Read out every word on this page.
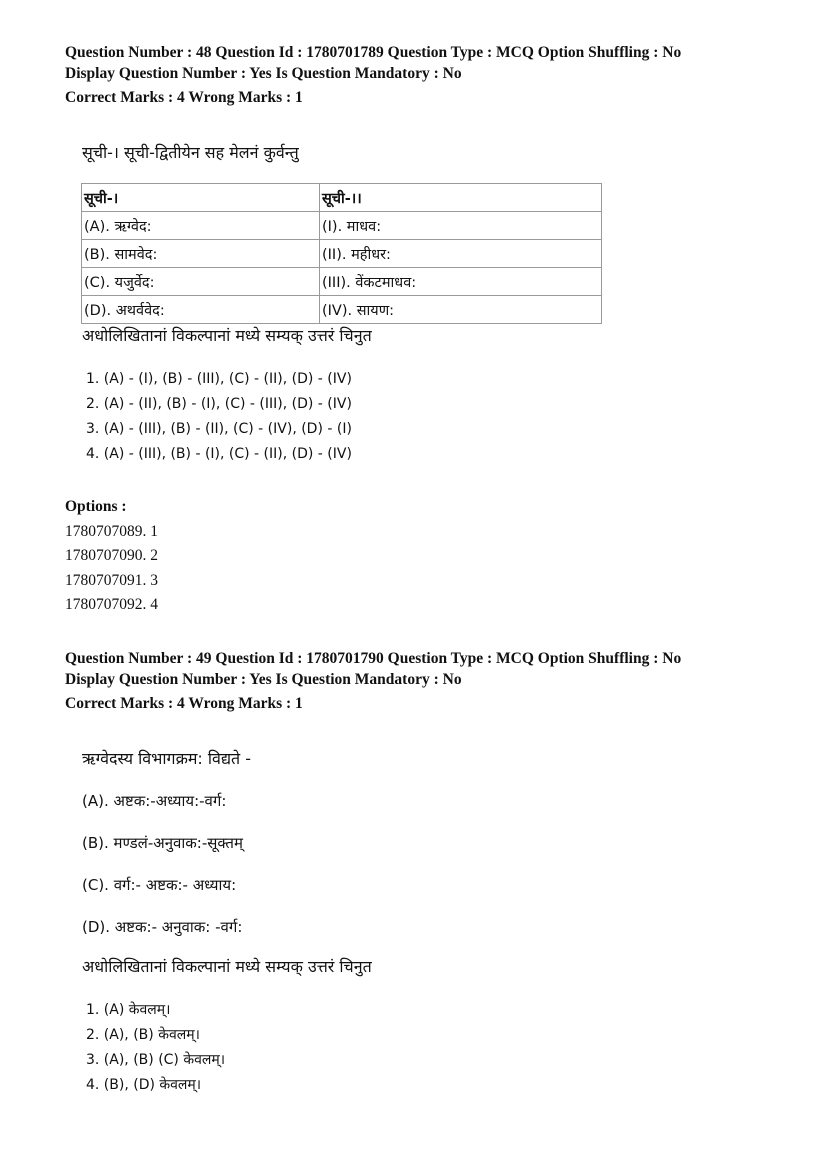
Question Number : 48 Question Id : 1780701789 Question Type : MCQ Option Shuffling : No
Display Question Number : Yes Is Question Mandatory : No
Correct Marks : 4 Wrong Marks : 1
सूची-। सूची-द्वितीयेन सह मेलनं कुर्वन्तु
सूची-।	सूची-।।
(A). ऋग्वेद:	(I). माधव:
(B). सामवेद:	(II). महीधर:
(C). यजुर्वेद:	(III). वेंकटमाधव:
(D). अथर्ववेद:	(IV). सायण:
अधोलिखितानां विकल्पानां मध्ये सम्यक् उत्तरं चिनुत
1. (A) - (I), (B) - (III), (C) - (II), (D) - (IV)
2. (A) - (II), (B) - (I), (C) - (III), (D) - (IV)
3. (A) - (III), (B) - (II), (C) - (IV), (D) - (I)
4. (A) - (III), (B) - (I), (C) - (II), (D) - (IV)
Options :
1780707089. 1
1780707090. 2
1780707091. 3
1780707092. 4
Question Number : 49 Question Id : 1780701790 Question Type : MCQ Option Shuffling : No
Display Question Number : Yes Is Question Mandatory : No
Correct Marks : 4 Wrong Marks : 1
ऋग्वेदस्य विभागक्रम: विद्यते -
(A). अष्टक:-अध्याय:-वर्ग:
(B). मण्डलं-अनुवाक:-सूक्तम्
(C). वर्ग:- अष्टक:- अध्याय:
(D). अष्टक:- अनुवाक: -वर्ग:
अधोलिखितानां विकल्पानां मध्ये सम्यक् उत्तरं चिनुत
1. (A) केवलम्।
2. (A), (B) केवलम्।
3. (A), (B) (C) केवलम्।
4. (B), (D) केवलम्।
